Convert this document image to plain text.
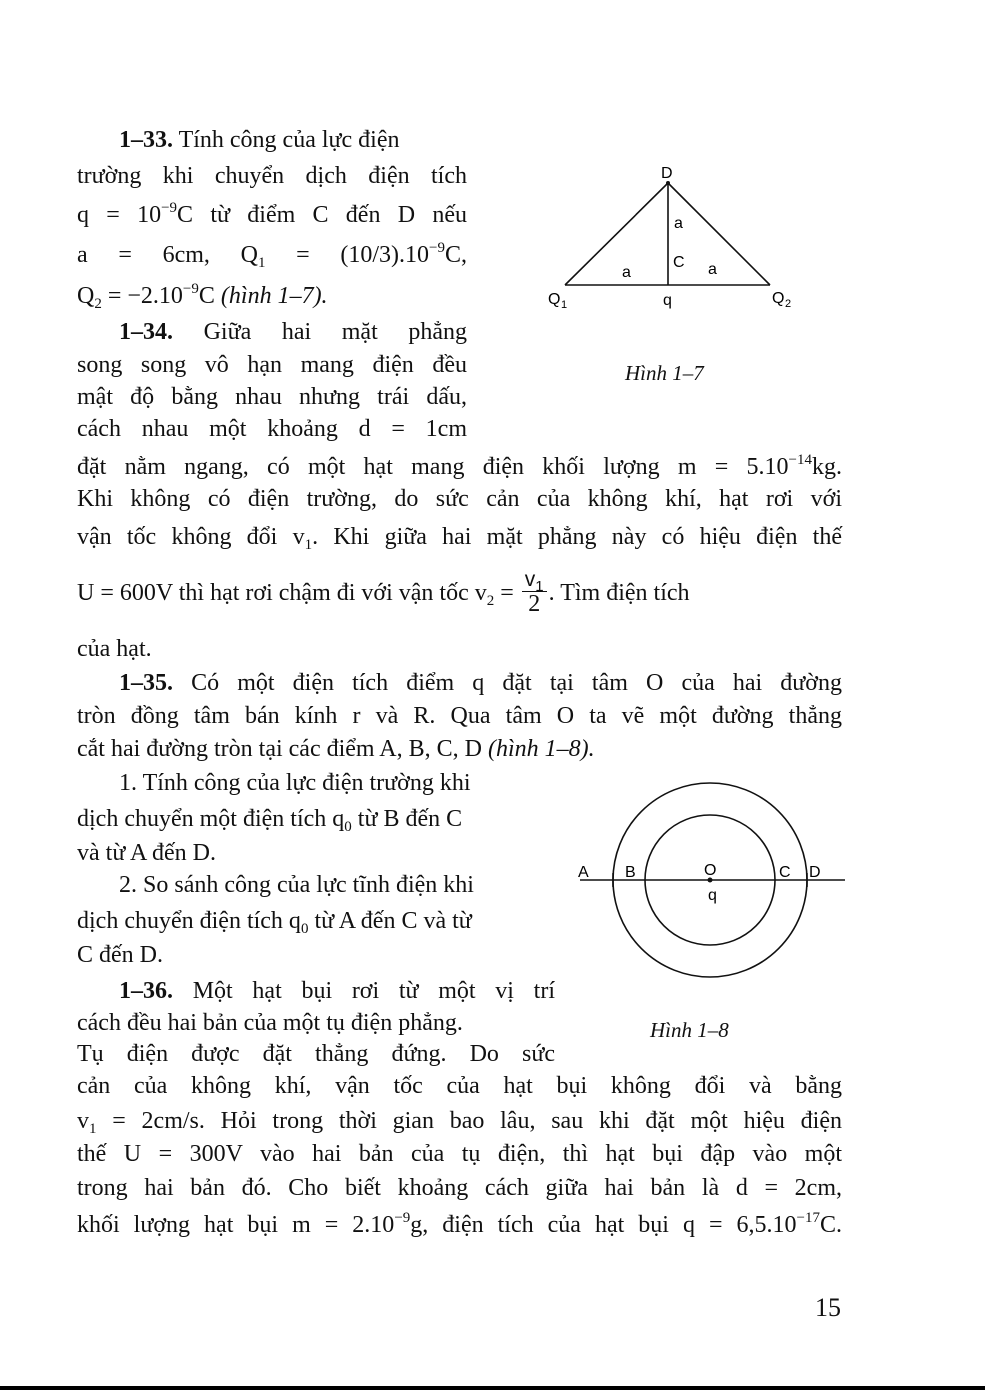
1–33. Tính công của lực điện

trường khi chuyển dịch điện tích

$q = 10^{-9}C$ từ điểm C đến D nếu

a = 6cm, $Q_1 = (10/3).10^{-9}C$,

$Q_2 = -2.10^{-9}C$ (hình 1–7).

1–34. Giữa hai mặt phẳng

song song vô hạn mang điện đều

mật độ bằng nhau nhưng trái dấu,

cách nhau một khoảng d = 1cm

đặt nằm ngang, có một hạt mang điện khối lượng $m = 5.10^{-14}kg$.

Khi không có điện trường, do sức cản của không khí, hạt rơi với

vận tốc không đổi $v_1$. Khi giữa hai mặt phẳng này có hiệu điện thế

U = 600V thì hạt rơi chậm đi với vận tốc $v_2 = \frac{v_1}{2}$ . Tìm điện tích

của hạt.

1–35. Có một điện tích điểm q đặt tại tâm O của hai đường

tròn đồng tâm bán kính r và R. Qua tâm O ta vẽ một đường thẳng

cắt hai đường tròn tại các điểm A, B, C, D (hình 1–8).

1. Tính công của lực điện trường khi

dịch chuyển một điện tích $q_0$ từ B đến C

và từ A đến D.

2. So sánh công của lực tĩnh điện khi

dịch chuyển điện tích $q_0$ từ A đến C và từ

C đến D.

1–36. Một hạt bụi rơi từ một vị trí

cách đều hai bản của một tụ điện phẳng.

Tụ điện được đặt thẳng đứng. Do sức

cản của không khí, vận tốc của hạt bụi không đổi và bằng

$v_1 = 2cm/s$. Hỏi trong thời gian bao lâu, sau khi đặt một hiệu điện

thế U = 300V vào hai bản của tụ điện, thì hạt bụi đập vào một

trong hai bản đó. Cho biết khoảng cách giữa hai bản là d = 2cm,

khối lượng hạt bụi $m = 2.10^{-9}g$, điện tích của hạt bụi $q = 6,5.10^{-17}C$.

D
a
C
a	a
Q 1	q	Q 2
Hình 1–7
A B	O
q
C D
Hình 1–8
15
